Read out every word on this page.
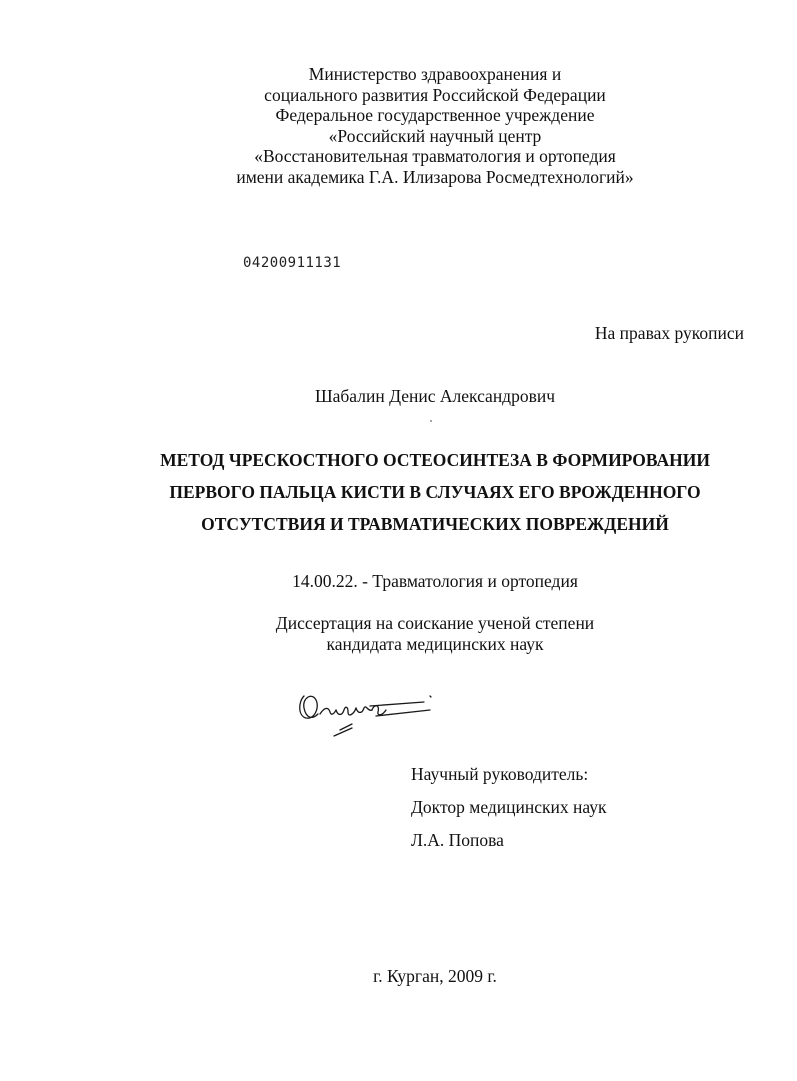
Министерство здравоохранения и
социального развития Российской Федерации
Федеральное государственное учреждение
«Российский научный центр
«Восстановительная травматология и ортопедия
имени академика Г.А. Илизарова Росмедтехнологий»
04200911131
На правах рукописи
Шабалин Денис Александрович
МЕТОД ЧРЕСКОСТНОГО ОСТЕОСИНТЕЗА В ФОРМИРОВАНИИ
ПЕРВОГО ПАЛЬЦА КИСТИ В СЛУЧАЯХ ЕГО ВРОЖДЕННОГО
ОТСУТСТВИЯ И ТРАВМАТИЧЕСКИХ ПОВРЕЖДЕНИЙ
14.00.22. - Травматология и ортопедия
Диссертация на соискание ученой степени
кандидата медицинских наук
Научный руководитель:
Доктор медицинских наук
Л.А. Попова
г. Курган, 2009 г.
